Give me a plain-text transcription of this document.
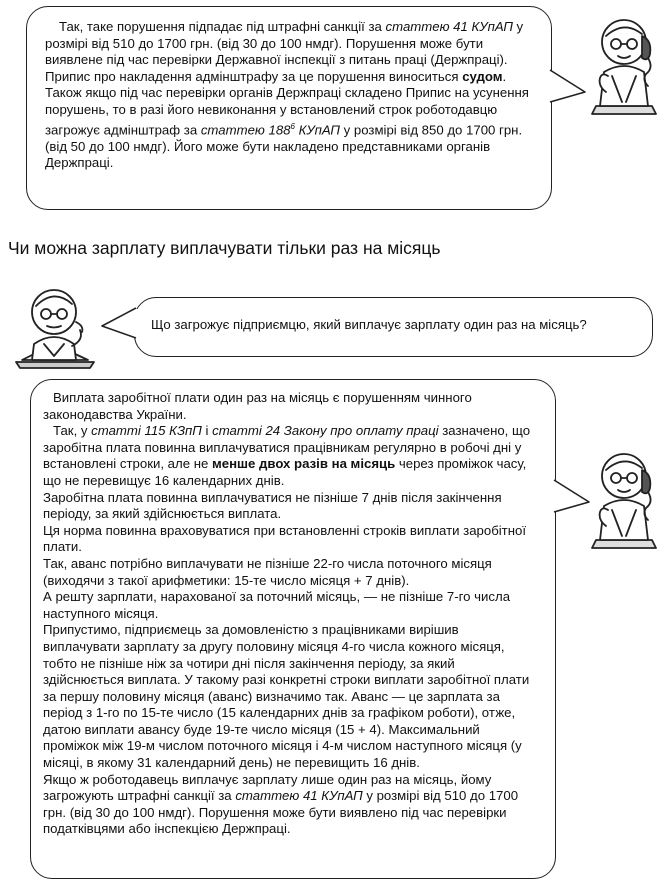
Так, таке порушення підпадає під штрафні санкції за статтею 41 КУпАП у розмірі від 510 до 1700 грн. (від 30 до 100 нмдг). Порушення може бути виявлене під час перевірки Державної інспекції з питань праці (Держпраці). Припис про накладення адмінштрафу за це порушення виноситься судом.

Також якщо під час перевірки органів Держпраці складено Припис на усунення порушень, то в разі його невиконання у встановлений строк роботодавцю загрожує адмінштраф за статтею $188^6$ КУпАП у розмірі від 850 до 1700 грн. (від 50 до 100 нмдг). Його може бути накладено представниками органів Держпраці.

Чи можна зарплату виплачувати тільки раз на місяць

Що загрожує підприємцю, який виплачує зарплату один раз на місяць?

Виплата заробітної плати один раз на місяць є порушенням чинного законодавства України.

Так, у статті 115 КЗпП і статті 24 Закону про оплату праці зазначено, що заробітна плата повинна виплачуватися працівникам регулярно в робочі дні у встановлені строки, але не менше двох разів на місяць через проміжок часу, що не перевищує 16 календарних днів.

Заробітна плата повинна виплачуватися не пізніше 7 днів після закінчення періоду, за який здійснюється виплата.

Ця норма повинна враховуватися при встановленні строків виплати заробітної плати.

Так, аванс потрібно виплачувати не пізніше 22-го числа поточного місяця (виходячи з такої арифметики: 15-те число місяця + 7 днів).

А решту зарплати, нарахованої за поточний місяць, — не пізніше 7-го числа наступного місяця.

Припустимо, підприємець за домовленістю з працівниками вирішив виплачувати зарплату за другу половину місяця 4-го числа кожного місяця, тобто не пізніше ніж за чотири дні після закінчення періоду, за який здійснюється виплата. У такому разі конкретні строки виплати заробітної плати за першу половину місяця (аванс) визначимо так. Аванс — це зарплата за період з 1-го по 15-те число (15 календарних днів за графіком роботи), отже, датою виплати авансу буде 19-те число місяця (15 + 4). Максимальний проміжок між 19-м числом поточного місяця і 4-м числом наступного місяця (у місяці, в якому 31 календарний день) не перевищить 16 днів.

Якщо ж роботодавець виплачує зарплату лише один раз на місяць, йому загрожують штрафні санкції за статтею 41 КУпАП у розмірі від 510 до 1700 грн. (від 30 до 100 нмдг). Порушення може бути виявлено під час перевірки податківцями або інспекцією Держпраці.
